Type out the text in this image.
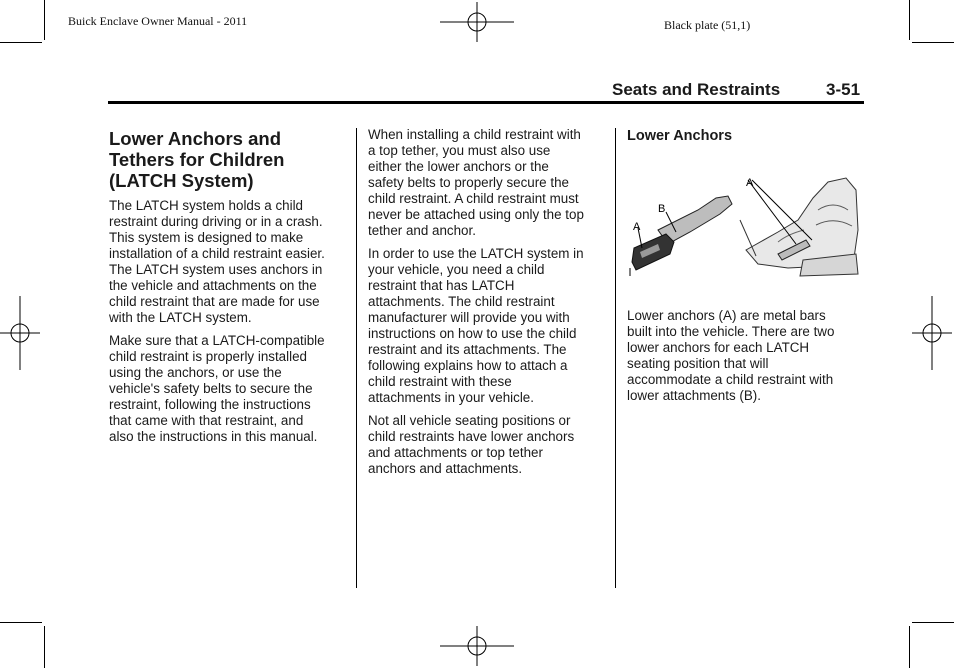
Buick Enclave Owner Manual - 2011	Black plate (51,1)
Seats and Restraints	3-51
Lower Anchors and
Tethers for Children
(LATCH System)

The LATCH system holds a child
restraint during driving or in a crash.
This system is designed to make
installation of a child restraint easier.
The LATCH system uses anchors in
the vehicle and attachments on the
child restraint that are made for use
with the LATCH system.

Make sure that a LATCH-compatible
child restraint is properly installed
using the anchors, or use the
vehicle's safety belts to secure the
restraint, following the instructions
that came with that restraint, and
also the instructions in this manual.

When installing a child restraint with
a top tether, you must also use
either the lower anchors or the
safety belts to properly secure the
child restraint. A child restraint must
never be attached using only the top
tether and anchor.

In order to use the LATCH system in
your vehicle, you need a child
restraint that has LATCH
attachments. The child restraint
manufacturer will provide you with
instructions on how to use the child
restraint and its attachments. The
following explains how to attach a
child restraint with these
attachments in your vehicle.

Not all vehicle seating positions or
child restraints have lower anchors
and attachments or top tether
anchors and attachments.

Lower Anchors
A
B
A

Lower anchors (A) are metal bars
built into the vehicle. There are two
lower anchors for each LATCH
seating position that will
accommodate a child restraint with
lower attachments (B).
